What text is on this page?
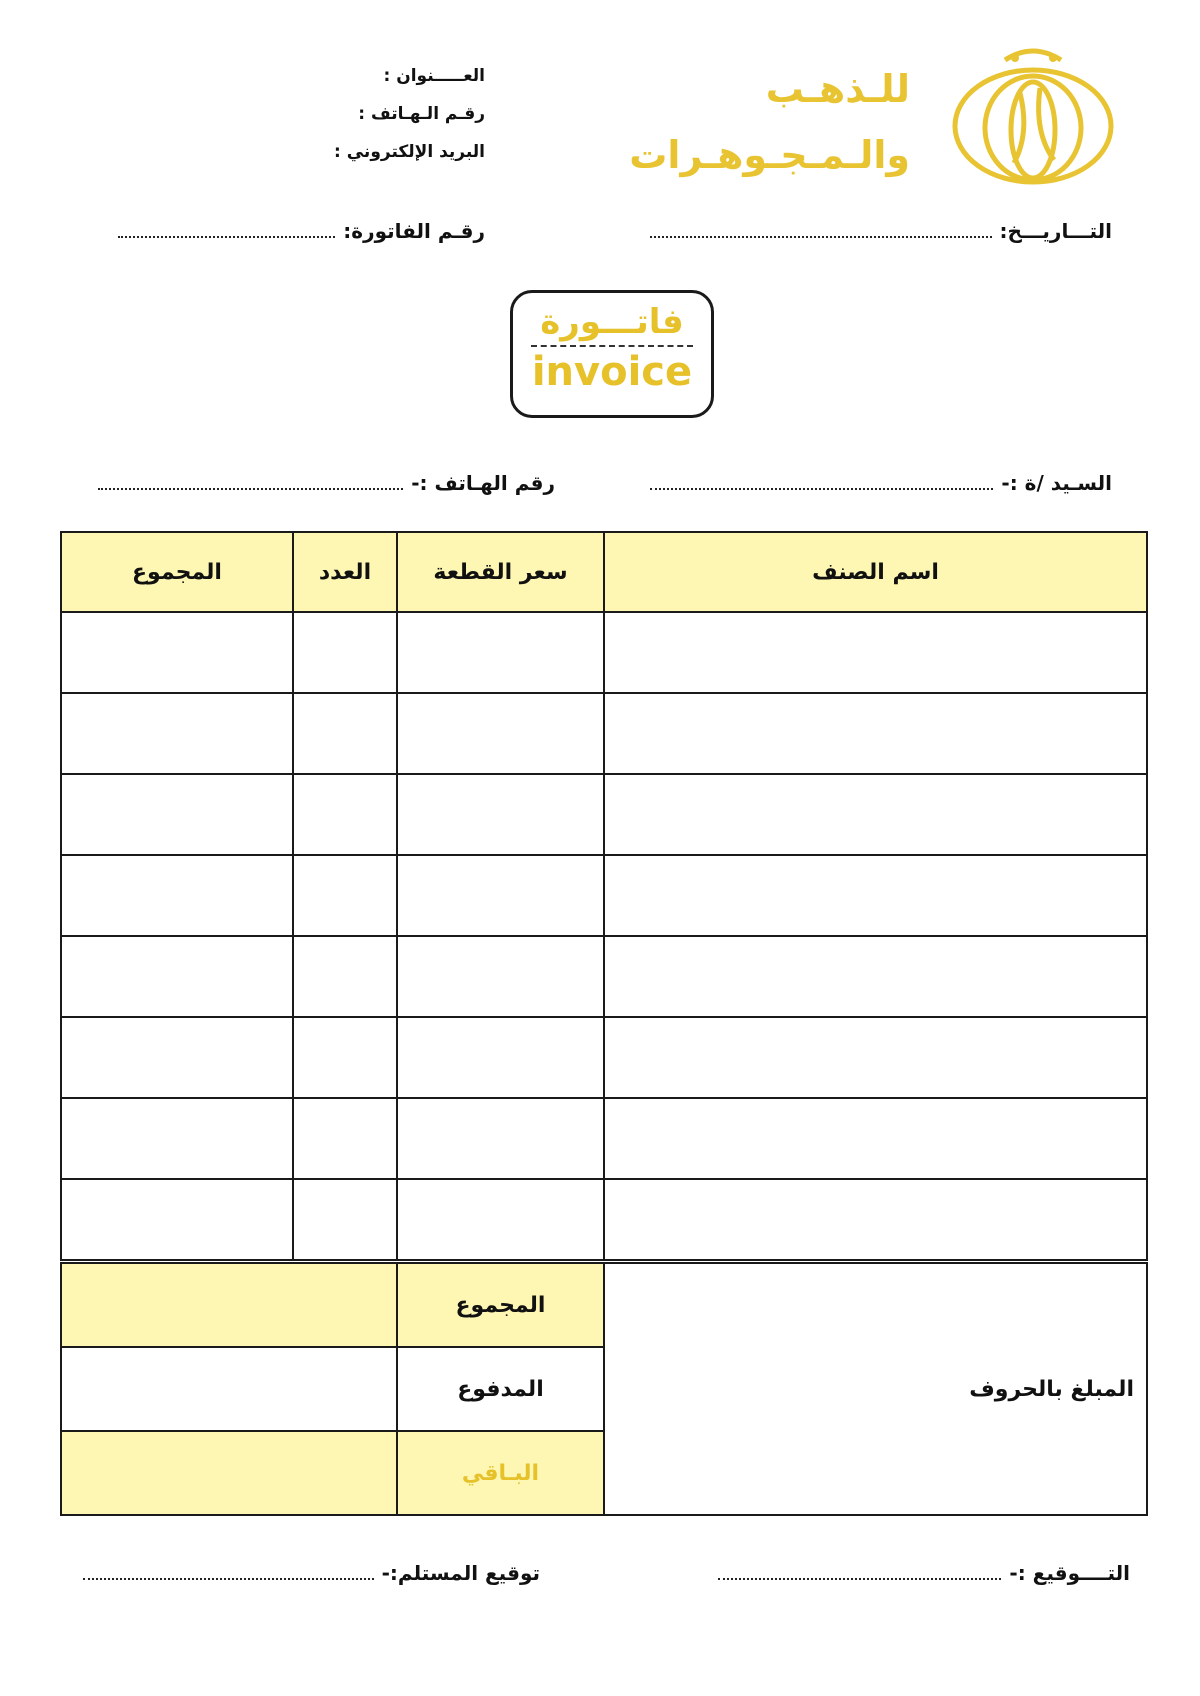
للـذهـب
والـمـجـوهـرات
العـــــنوان :
رقـم الـهـاتف :
البريد الإلكتروني :
التـــاريـــخ:
رقـم الفاتورة:
فاتـــورة
invoice
السـيد /ة :-
رقم الهـاتف :-
اسم الصنف	سعر القطعة	العدد	المجموع

المبلغ بالحروف	المجموع	
	المدفوع	
	البـاقي	
التــــوقيع :-
توقيع المستلم:-
